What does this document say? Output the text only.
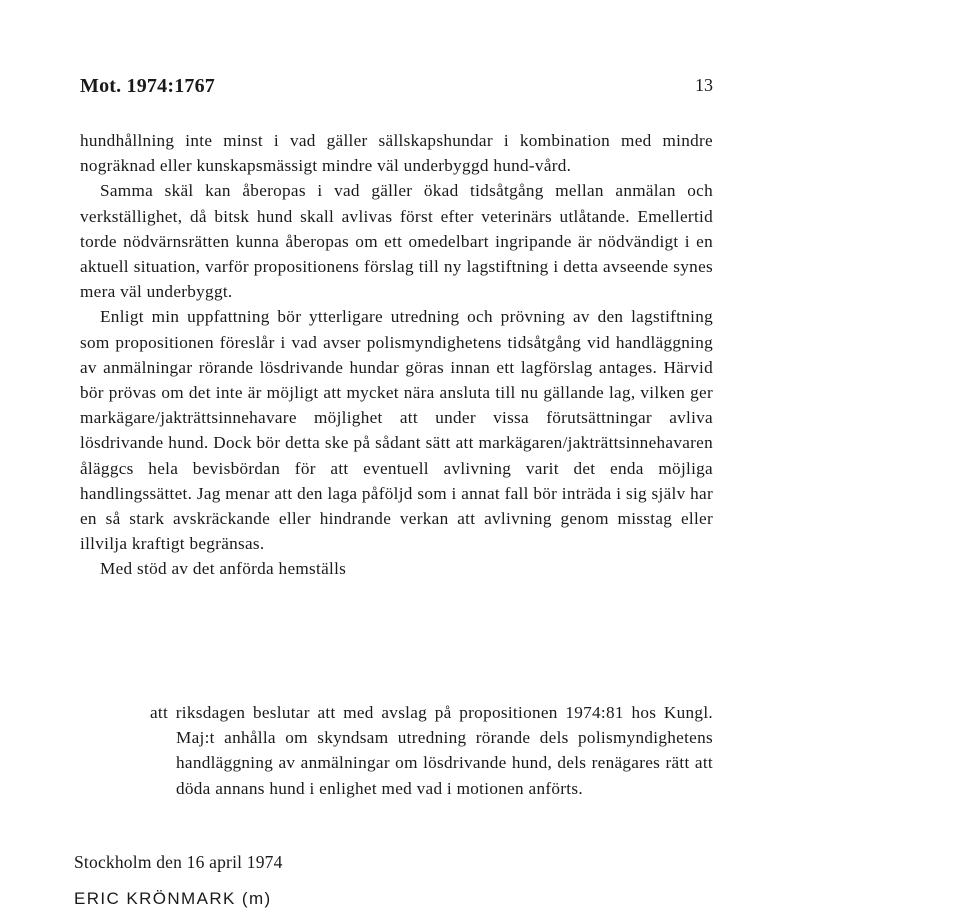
Mot. 1974:1767	13

hundhållning inte minst i vad gäller sällskapshundar i kombination med mindre nogräknad eller kunskapsmässigt mindre väl underbyggd hund-vård.

Samma skäl kan åberopas i vad gäller ökad tidsåtgång mellan anmälan och verkställighet, då bitsk hund skall avlivas först efter veterinärs utlåtande. Emellertid torde nödvärnsrätten kunna åberopas om ett omedelbart ingripande är nödvändigt i en aktuell situation, varför propositionens förslag till ny lagstiftning i detta avseende synes mera väl underbyggt.

Enligt min uppfattning bör ytterligare utredning och prövning av den lagstiftning som propositionen föreslår i vad avser polismyndighetens tidsåtgång vid handläggning av anmälningar rörande lösdrivande hundar göras innan ett lagförslag antages. Härvid bör prövas om det inte är möjligt att mycket nära ansluta till nu gällande lag, vilken ger markägare/jakträttsinnehavare möjlighet att under vissa förutsättningar avliva lösdrivande hund. Dock bör detta ske på sådant sätt att markägaren/jakträttsinnehavaren åläggcs hela bevisbördan för att eventuell avlivning varit det enda möjliga handlingssättet. Jag menar att den laga påföljd som i annat fall bör inträda i sig själv har en så stark avskräckande eller hindrande verkan att avlivning genom misstag eller illvilja kraftigt begränsas.

Med stöd av det anförda hemställs

att riksdagen beslutar att med avslag på propositionen 1974:81 hos Kungl. Maj:t anhålla om skyndsam utredning rörande dels polismyndighetens handläggning av anmälningar om lösdrivande hund, dels renägares rätt att döda annans hund i enlighet med vad i motionen anförts.

Stockholm den 16 april 1974
ERIC KRÖNMARK (m)
